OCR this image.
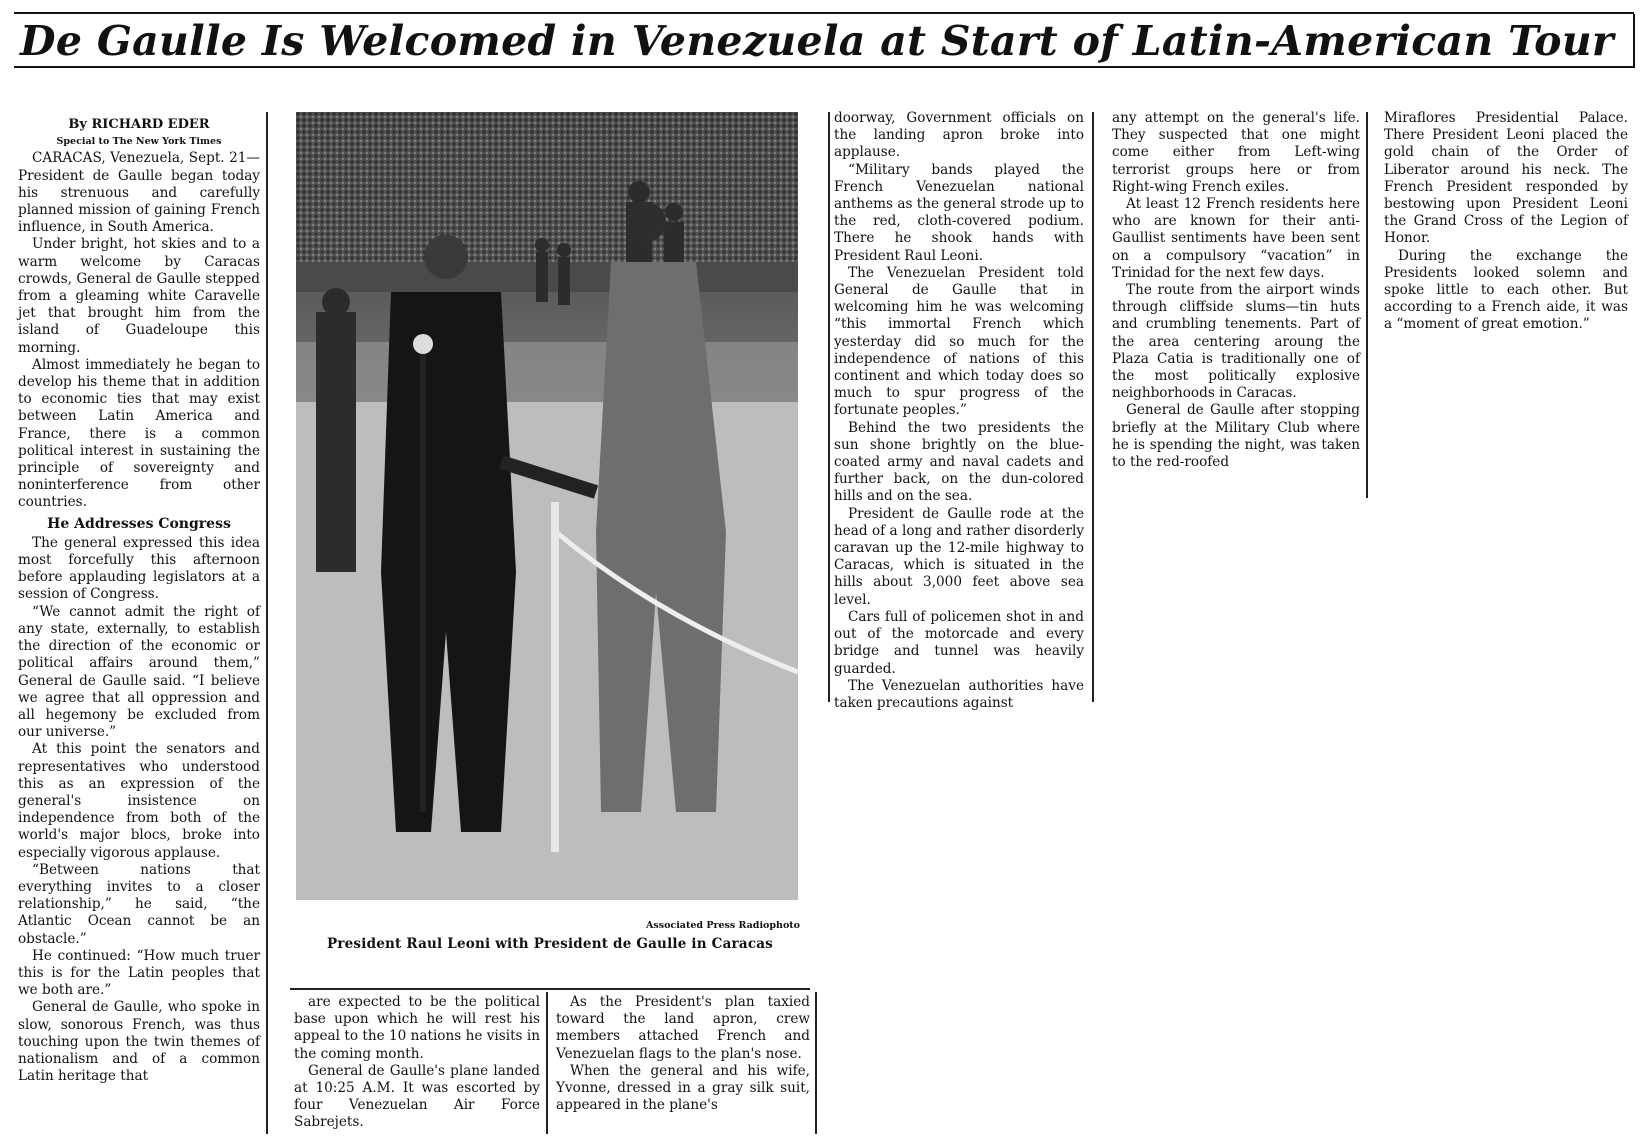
De Gaulle Is Welcomed in Venezuela at Start of Latin-American Tour

By RICHARD EDER

Special to The New York Times

CARACAS, Venezuela, Sept. 21—President de Gaulle began today his strenuous and carefully planned mission of gaining French influence, in South America.

Under bright, hot skies and to a warm welcome by Caracas crowds, General de Gaulle stepped from a gleaming white Caravelle jet that brought him from the island of Guadeloupe this morning.

Almost immediately he began to develop his theme that in addition to economic ties that may exist between Latin America and France, there is a common political interest in sustaining the principle of sovereignty and noninterference from other countries.

He Addresses Congress

The general expressed this idea most forcefully this afternoon before applauding legislators at a session of Congress.

“We cannot admit the right of any state, externally, to establish the direction of the economic or political affairs around them,” General de Gaulle said. “I believe we agree that all oppression and all hegemony be excluded from our universe.”

At this point the senators and representatives who understood this as an expression of the general's insistence on independence from both of the world's major blocs, broke into especially vigorous applause.

“Between nations that everything invites to a closer relationship,” he said, “the Atlantic Ocean cannot be an obstacle.”

He continued: “How much truer this is for the Latin peoples that we both are.”

General de Gaulle, who spoke in slow, sonorous French, was thus touching upon the twin themes of nationalism and of a common Latin heritage that

Associated Press Radiophoto
President Raul Leoni with President de Gaulle in Caracas

are expected to be the political base upon which he will rest his appeal to the 10 nations he visits in the coming month.

General de Gaulle's plane landed at 10:25 A.M. It was escorted by four Venezuelan Air Force Sabrejets.

As the President's plan taxied toward the land apron, crew members attached French and Venezuelan flags to the plan's nose.

When the general and his wife, Yvonne, dressed in a gray silk suit, appeared in the plane's

doorway, Government officials on the landing apron broke into applause.

“Military bands played the French Venezuelan national anthems as the general strode up to the red, cloth-covered podium. There he shook hands with President Raul Leoni.

The Venezuelan President told General de Gaulle that in welcoming him he was welcoming “this immortal French which yesterday did so much for the independence of nations of this continent and which today does so much to spur progress of the fortunate peoples.”

Behind the two presidents the sun shone brightly on the blue-coated army and naval cadets and further back, on the dun-colored hills and on the sea.

President de Gaulle rode at the head of a long and rather disorderly caravan up the 12-mile highway to Caracas, which is situated in the hills about 3,000 feet above sea level.

Cars full of policemen shot in and out of the motorcade and every bridge and tunnel was heavily guarded.

The Venezuelan authorities have taken precautions against

any attempt on the general's life. They suspected that one might come either from Left-wing terrorist groups here or from Right-wing French exiles.

At least 12 French residents here who are known for their anti-Gaullist sentiments have been sent on a compulsory “vacation” in Trinidad for the next few days.

The route from the airport winds through cliffside slums—tin huts and crumbling tenements. Part of the area centering aroung the Plaza Catia is traditionally one of the most politically explosive neighborhoods in Caracas.

General de Gaulle after stopping briefly at the Military Club where he is spending the night, was taken to the red-roofed

Miraflores Presidential Palace. There President Leoni placed the gold chain of the Order of Liberator around his neck. The French President responded by bestowing upon President Leoni the Grand Cross of the Legion of Honor.

During the exchange the Presidents looked solemn and spoke little to each other. But according to a French aide, it was a “moment of great emotion.”
